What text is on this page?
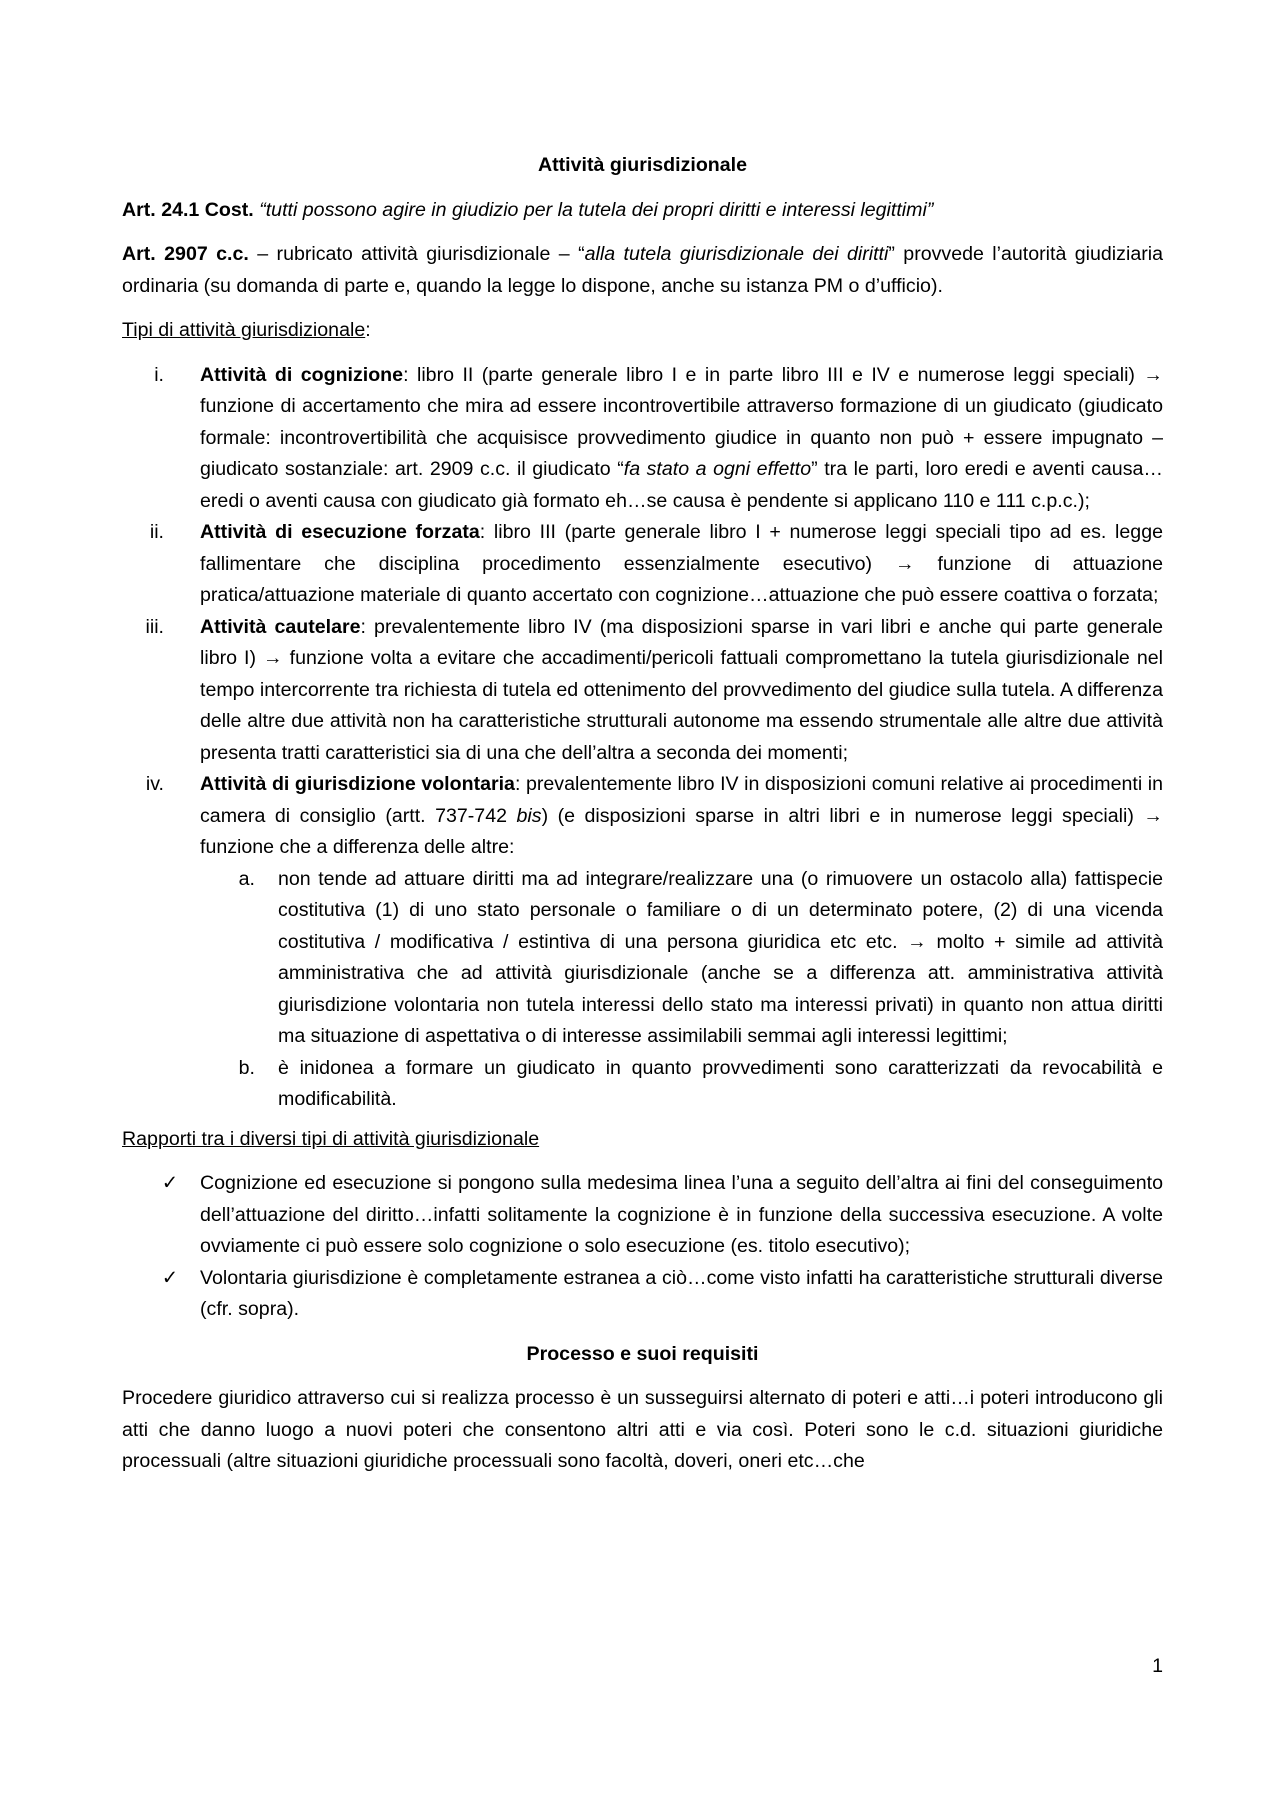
Attività giurisdizionale

Art. 24.1 Cost. “tutti possono agire in giudizio per la tutela dei propri diritti e interessi legittimi”

Art. 2907 c.c. – rubricato attività giurisdizionale – “alla tutela giurisdizionale dei diritti” provvede l’autorità giudiziaria ordinaria (su domanda di parte e, quando la legge lo dispone, anche su istanza PM o d’ufficio).

Tipi di attività giurisdizionale:

i. Attività di cognizione: libro II (parte generale libro I e in parte libro III e IV e numerose leggi speciali) → funzione di accertamento che mira ad essere incontrovertibile attraverso formazione di un giudicato (giudicato formale: incontrovertibilità che acquisisce provvedimento giudice in quanto non può + essere impugnato – giudicato sostanziale: art. 2909 c.c. il giudicato “fa stato a ogni effetto” tra le parti, loro eredi e aventi causa…eredi o aventi causa con giudicato già formato eh…se causa è pendente si applicano 110 e 111 c.p.c.);
ii. Attività di esecuzione forzata: libro III (parte generale libro I + numerose leggi speciali tipo ad es. legge fallimentare che disciplina procedimento essenzialmente esecutivo) → funzione di attuazione pratica/attuazione materiale di quanto accertato con cognizione…attuazione che può essere coattiva o forzata;
iii. Attività cautelare: prevalentemente libro IV (ma disposizioni sparse in vari libri e anche qui parte generale libro I) → funzione volta a evitare che accadimenti/pericoli fattuali compromettano la tutela giurisdizionale nel tempo intercorrente tra richiesta di tutela ed ottenimento del provvedimento del giudice sulla tutela. A differenza delle altre due attività non ha caratteristiche strutturali autonome ma essendo strumentale alle altre due attività presenta tratti caratteristici sia di una che dell’altra a seconda dei momenti;
iv. Attività di giurisdizione volontaria: prevalentemente libro IV in disposizioni comuni relative ai procedimenti in camera di consiglio (artt. 737-742 bis) (e disposizioni sparse in altri libri e in numerose leggi speciali) → funzione che a differenza delle altre:
a. non tende ad attuare diritti ma ad integrare/realizzare una (o rimuovere un ostacolo alla) fattispecie costitutiva (1) di uno stato personale o familiare o di un determinato potere, (2) di una vicenda costitutiva / modificativa / estintiva di una persona giuridica etc etc. → molto + simile ad attività amministrativa che ad attività giurisdizionale (anche se a differenza att. amministrativa attività giurisdizione volontaria non tutela interessi dello stato ma interessi privati) in quanto non attua diritti ma situazione di aspettativa o di interesse assimilabili semmai agli interessi legittimi;
b. è inidonea a formare un giudicato in quanto provvedimenti sono caratterizzati da revocabilità e modificabilità.

Rapporti tra i diversi tipi di attività giurisdizionale

✓ Cognizione ed esecuzione si pongono sulla medesima linea l’una a seguito dell’altra ai fini del conseguimento dell’attuazione del diritto…infatti solitamente la cognizione è in funzione della successiva esecuzione. A volte ovviamente ci può essere solo cognizione o solo esecuzione (es. titolo esecutivo);
✓ Volontaria giurisdizione è completamente estranea a ciò…come visto infatti ha caratteristiche strutturali diverse (cfr. sopra).
Processo e suoi requisiti

Procedere giuridico attraverso cui si realizza processo è un susseguirsi alternato di poteri e atti…i poteri introducono gli atti che danno luogo a nuovi poteri che consentono altri atti e via così. Poteri sono le c.d. situazioni giuridiche processuali (altre situazioni giuridiche processuali sono facoltà, doveri, oneri etc…che

1
